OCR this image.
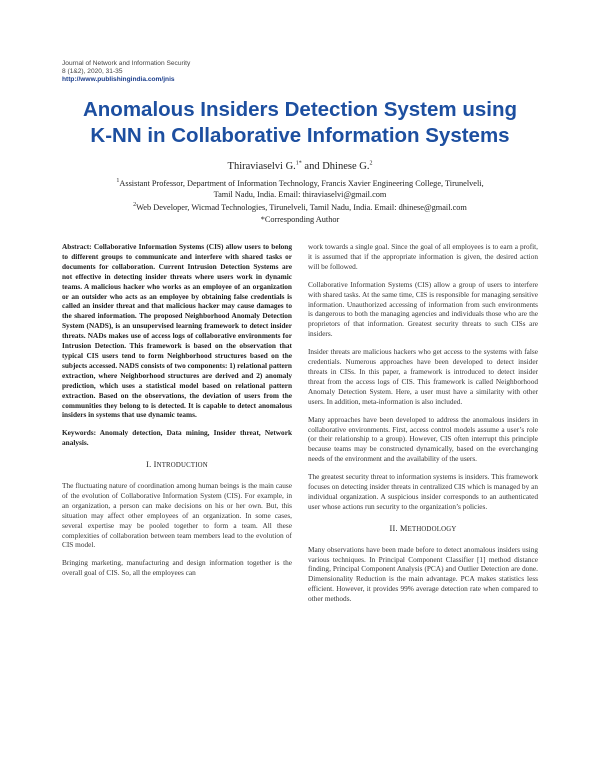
Journal of Network and Information Security
8 (1&2), 2020, 31-35
http://www.publishingindia.com/jnis
Anomalous Insiders Detection System using
K-NN in Collaborative Information Systems
Thiraviaselvi G.$^{1*}$ and Dhinese G.$^2$
$^1$Assistant Professor, Department of Information Technology, Francis Xavier Engineering College, Tirunelveli,
Tamil Nadu, India. Email: thiraviaselvi@gmail.com
$^2$Web Developer, Wicmad Technologies, Tirunelveli, Tamil Nadu, India. Email: dhinese@gmail.com
*Corresponding Author

Abstract: Collaborative Information Systems (CIS) allow users to belong to different groups to communicate and interfere with shared tasks or documents for collaboration. Current Intrusion Detection Systems are not effective in detecting insider threats where users work in dynamic teams. A malicious hacker who works as an employee of an organization or an outsider who acts as an employee by obtaining false credentials is called an insider threat and that malicious hacker may cause damages to the shared information. The proposed Neighborhood Anomaly Detection System (NADS), is an unsupervised learning framework to detect insider threats. NADs makes use of access logs of collaborative environments for Intrusion Detection. This framework is based on the observation that typical CIS users tend to form Neighborhood structures based on the subjects accessed. NADS consists of two components: 1) relational pattern extraction, where Neighborhood structures are derived and 2) anomaly prediction, which uses a statistical model based on relational pattern extraction. Based on the observations, the deviation of users from the communities they belong to is detected. It is capable to detect anomalous insiders in systems that use dynamic teams.

Keywords: Anomaly detection, Data mining, Insider threat, Network analysis.

I. INTRODUCTION

The fluctuating nature of coordination among human beings is the main cause of the evolution of Collaborative Information System (CIS). For example, in an organization, a person can make decisions on his or her own. But, this situation may affect other employees of an organization. In some cases, several expertise may be pooled together to form a team. All these complexities of collaboration between team members lead to the evolution of CIS model.

Bringing marketing, manufacturing and design information together is the overall goal of CIS. So, all the employees can

work towards a single goal. Since the goal of all employees is to earn a profit, it is assumed that if the appropriate information is given, the desired action will be followed.

Collaborative Information Systems (CIS) allow a group of users to interfere with shared tasks. At the same time, CIS is responsible for managing sensitive information. Unauthorized accessing of information from such environments is dangerous to both the managing agencies and individuals those who are the proprietors of that information. Greatest security threats to such CISs are insiders.

Insider threats are malicious hackers who get access to the systems with false credentials. Numerous approaches have been developed to detect insider threats in CISs. In this paper, a framework is introduced to detect insider threat from the access logs of CIS. This framework is called Neighborhood Anomaly Detection System. Here, a user must have a similarity with other users. In addition, meta-information is also included.

Many approaches have been developed to address the anomalous insiders in collaborative environments. First, access control models assume a user’s role (or their relationship to a group). However, CIS often interrupt this principle because teams may be constructed dynamically, based on the everchanging needs of the environment and the availability of the users.

The greatest security threat to information systems is insiders. This framework focuses on detecting insider threats in centralized CIS which is managed by an individual organization. A suspicious insider corresponds to an authenticated user whose actions run security to the organization’s policies.

II. METHODOLOGY

Many observations have been made before to detect anomalous insiders using various techniques. In Principal Component Classifier [1] method distance finding, Principal Component Analysis (PCA) and Outlier Detection are done. Dimensionality Reduction is the main advantage. PCA makes statistics less efficient. However, it provides 99% average detection rate when compared to other methods.
